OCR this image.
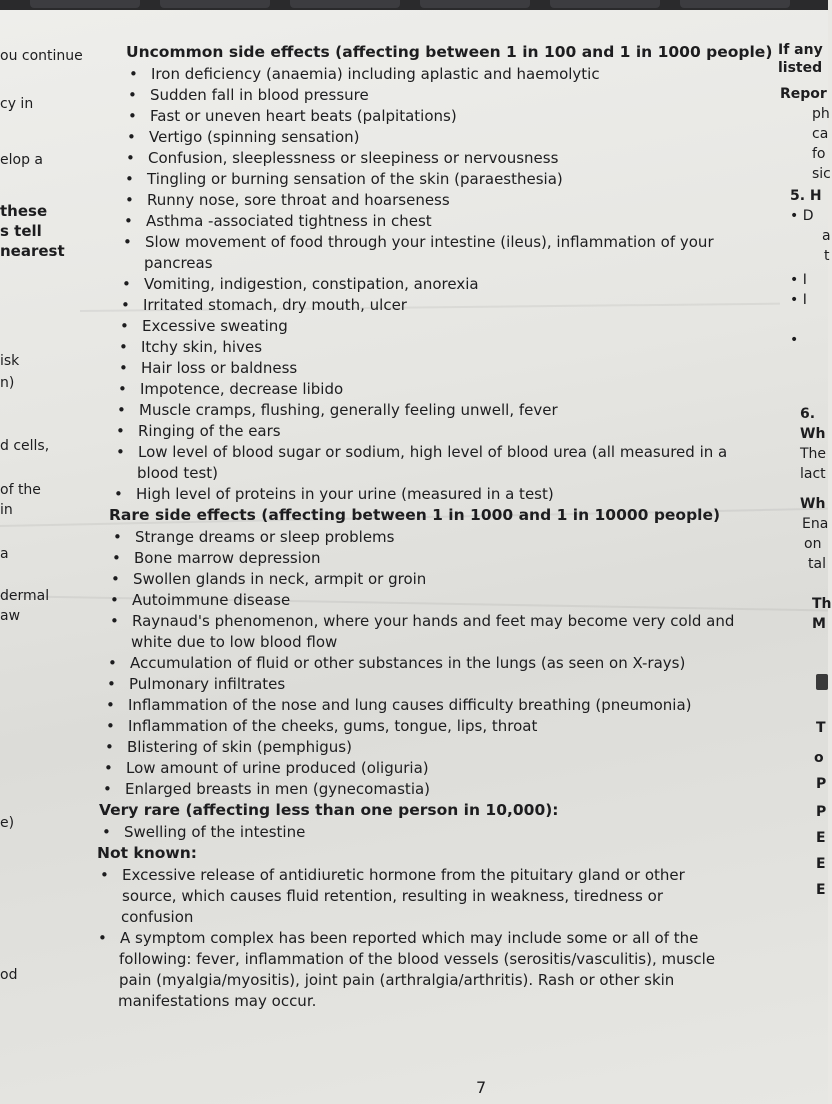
ou continue
cy in
elop a
these
s tell
nearest
isk
n)
d cells,
of the
in
a
dermal
aw
e)
od
Uncommon side effects (affecting between 1 in 100 and 1 in 1000 people)
• Iron deficiency (anaemia) including aplastic and haemolytic
• Sudden fall in blood pressure
• Fast or uneven heart beats (palpitations)
• Vertigo (spinning sensation)
• Confusion, sleeplessness or sleepiness or nervousness
• Tingling or burning sensation of the skin (paraesthesia)
• Runny nose, sore throat and hoarseness
• Asthma -associated tightness in chest
• Slow movement of food through your intestine (ileus), inflammation of your
pancreas
• Vomiting, indigestion, constipation, anorexia
• Irritated stomach, dry mouth, ulcer
• Excessive sweating
• Itchy skin, hives
• Hair loss or baldness
• Impotence, decrease libido
• Muscle cramps, flushing, generally feeling unwell, fever
• Ringing of the ears
• Low level of blood sugar or sodium, high level of blood urea (all measured in a
blood test)
• High level of proteins in your urine (measured in a test)
Rare side effects (affecting between 1 in 1000 and 1 in 10000 people)
• Strange dreams or sleep problems
• Bone marrow depression
• Swollen glands in neck, armpit or groin
• Autoimmune disease
• Raynaud's phenomenon, where your hands and feet may become very cold and
white due to low blood flow
• Accumulation of fluid or other substances in the lungs (as seen on X-rays)
• Pulmonary infiltrates
• Inflammation of the nose and lung causes difficulty breathing (pneumonia)
• Inflammation of the cheeks, gums, tongue, lips, throat
• Blistering of skin (pemphigus)
• Low amount of urine produced (oliguria)
• Enlarged breasts in men (gynecomastia)
Very rare (affecting less than one person in 10,000):
• Swelling of the intestine
Not known:
• Excessive release of antidiuretic hormone from the pituitary gland or other
source, which causes fluid retention, resulting in weakness, tiredness or
confusion
• A symptom complex has been reported which may include some or all of the
following: fever, inflammation of the blood vessels (serositis/vasculitis), muscle
pain (myalgia/myositis), joint pain (arthralgia/arthritis). Rash or other skin
manifestations may occur.
If any
listed
Repor
ph
ca
fo
sic
5. H
• D
a
t
• I
• I
•
6.
Wh
The
lact
Wh
Ena
on
tal
Th
M
T
o
P
P
E
E
E
7
